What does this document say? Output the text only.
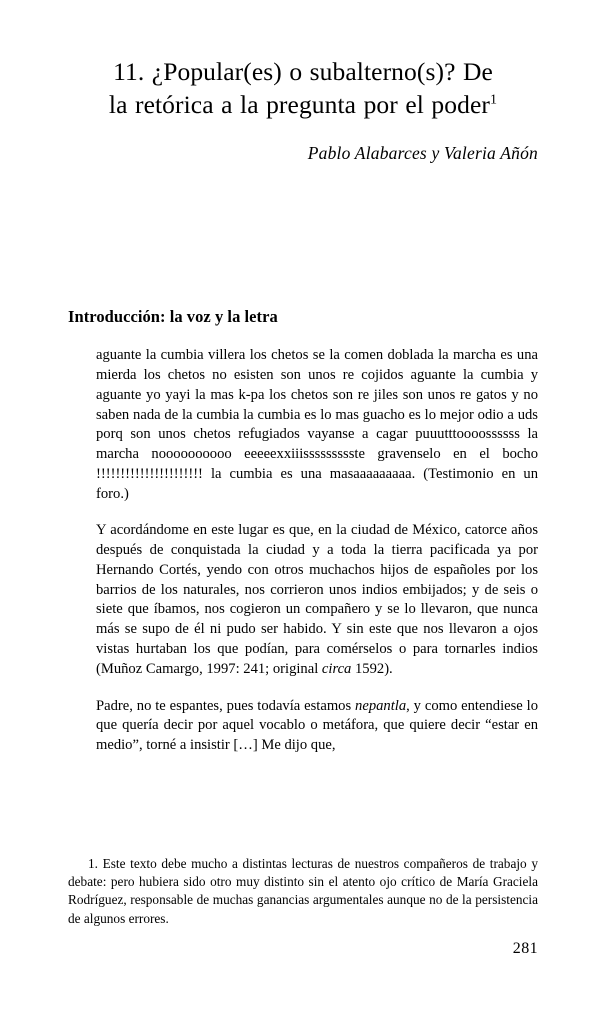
11. ¿Popular(es) o subalterno(s)? De
la retórica a la pregunta por el poder$^1$

Pablo Alabarces y Valeria Añón

Introducción: la voz y la letra

aguante la cumbia villera los chetos se la comen doblada la marcha es una mierda los chetos no esisten son unos re cojidos aguante la cumbia y aguante yo yayi la mas k-pa los chetos son re jiles son unos re gatos y no saben nada de la cumbia la cumbia es lo mas guacho es lo mejor odio a uds porq son unos chetos refugiados vayanse a cagar puuutttoooossssss la marcha noooooooooo eeeeexxiiissssssssste gravenselo en el bocho !!!!!!!!!!!!!!!!!!!!!! la cumbia es una masaaaaaaaaa. (Testimonio en un foro.)

Y acordándome en este lugar es que, en la ciudad de México, catorce años después de conquistada la ciudad y a toda la tierra pacificada ya por Hernando Cortés, yendo con otros muchachos hijos de españoles por los barrios de los naturales, nos corrieron unos indios embijados; y de seis o siete que íbamos, nos cogieron un compañero y se lo llevaron, que nunca más se supo de él ni pudo ser habido. Y sin este que nos llevaron a ojos vistas hurtaban los que podían, para comérselos o para tornarles indios (Muñoz Camargo, 1997: 241; original circa 1592).

Padre, no te espantes, pues todavía estamos nepantla, y como entendiese lo que quería decir por aquel vocablo o metáfora, que quiere decir “estar en medio”, torné a insistir […] Me dijo que,

1. Este texto debe mucho a distintas lecturas de nuestros compañeros de trabajo y debate: pero hubiera sido otro muy distinto sin el atento ojo crítico de María Graciela Rodríguez, responsable de muchas ganancias argumentales aunque no de la persistencia de algunos errores.

281
